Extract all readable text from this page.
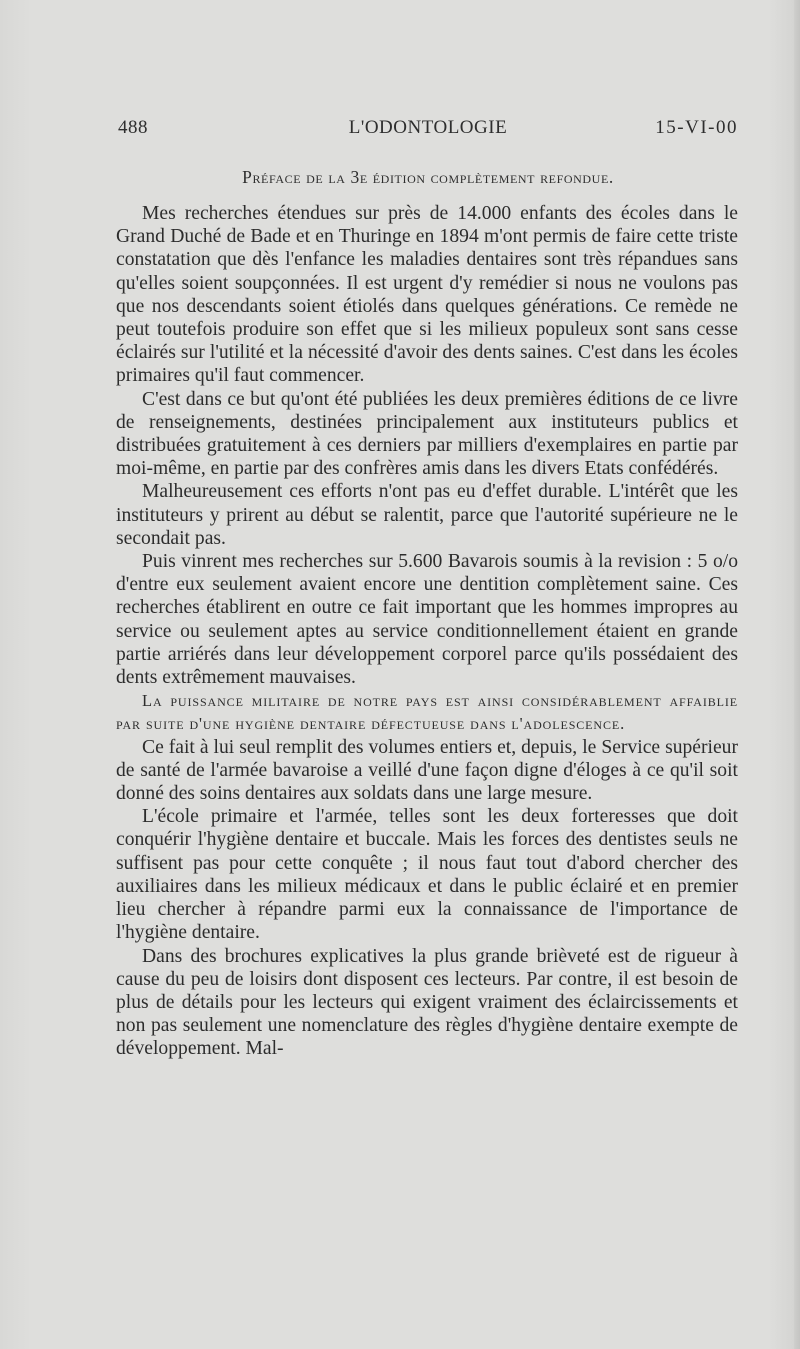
488	L'ODONTOLOGIE	15-VI-00
Préface de la 3e édition complètement refondue.

Mes recherches étendues sur près de 14.000 enfants des écoles dans le Grand Duché de Bade et en Thuringe en 1894 m'ont permis de faire cette triste constatation que dès l'enfance les maladies dentaires sont très répandues sans qu'elles soient soupçonnées. Il est urgent d'y remédier si nous ne voulons pas que nos descendants soient étiolés dans quelques générations. Ce remède ne peut toutefois produire son effet que si les milieux populeux sont sans cesse éclairés sur l'utilité et la nécessité d'avoir des dents saines. C'est dans les écoles primaires qu'il faut commencer.

C'est dans ce but qu'ont été publiées les deux premières éditions de ce livre de renseignements, destinées principalement aux instituteurs publics et distribuées gratuitement à ces derniers par milliers d'exemplaires en partie par moi-même, en partie par des confrères amis dans les divers Etats confédérés.

Malheureusement ces efforts n'ont pas eu d'effet durable. L'intérêt que les instituteurs y prirent au début se ralentit, parce que l'autorité supérieure ne le secondait pas.

Puis vinrent mes recherches sur 5.600 Bavarois soumis à la revision : 5 o/o d'entre eux seulement avaient encore une dentition complètement saine. Ces recherches établirent en outre ce fait important que les hommes impropres au service ou seulement aptes au service conditionnellement étaient en grande partie arriérés dans leur développement corporel parce qu'ils possédaient des dents extrêmement mauvaises.

La puissance militaire de notre pays est ainsi considérablement affaiblie par suite d'une hygiène dentaire défectueuse dans l'adolescence.

Ce fait à lui seul remplit des volumes entiers et, depuis, le Service supérieur de santé de l'armée bavaroise a veillé d'une façon digne d'éloges à ce qu'il soit donné des soins dentaires aux soldats dans une large mesure.

L'école primaire et l'armée, telles sont les deux forteresses que doit conquérir l'hygiène dentaire et buccale. Mais les forces des dentistes seuls ne suffisent pas pour cette conquête ; il nous faut tout d'abord chercher des auxiliaires dans les milieux médicaux et dans le public éclairé et en premier lieu chercher à répandre parmi eux la connaissance de l'importance de l'hygiène dentaire.

Dans des brochures explicatives la plus grande brièveté est de rigueur à cause du peu de loisirs dont disposent ces lecteurs. Par contre, il est besoin de plus de détails pour les lecteurs qui exigent vraiment des éclaircissements et non pas seulement une nomenclature des règles d'hygiène dentaire exempte de développement. Mal-
